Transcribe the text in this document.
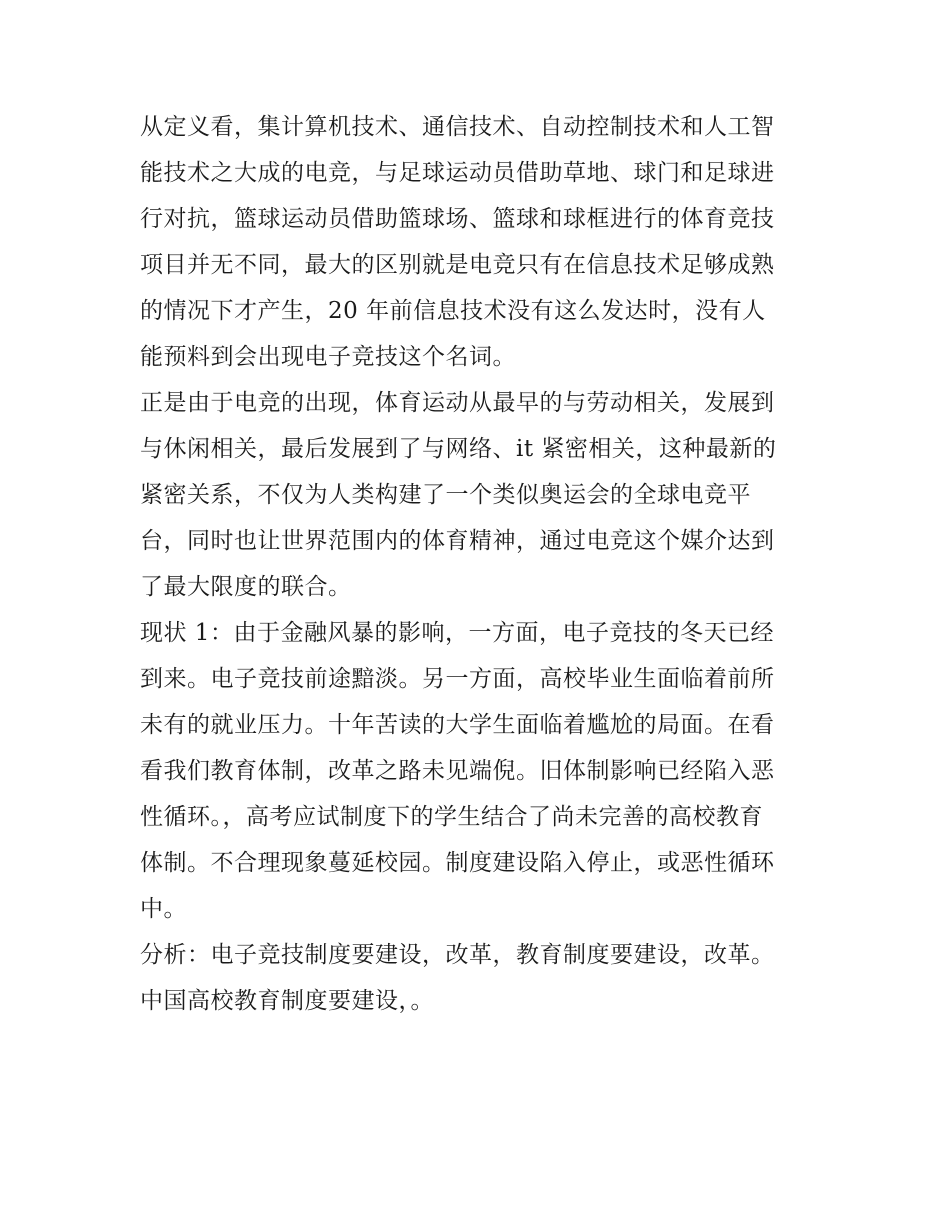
从定义看，集计算机技术、通信技术、自动控制技术和人工智
能技术之大成的电竞，与足球运动员借助草地、球门和足球进
行对抗，篮球运动员借助篮球场、篮球和球框进行的体育竞技
项目并无不同，最大的区别就是电竞只有在信息技术足够成熟
的情况下才产生，20 年前信息技术没有这么发达时，没有人
能预料到会出现电子竞技这个名词。

正是由于电竞的出现，体育运动从最早的与劳动相关，发展到
与休闲相关，最后发展到了与网络、it 紧密相关，这种最新的
紧密关系，不仅为人类构建了一个类似奥运会的全球电竞平
台，同时也让世界范围内的体育精神，通过电竞这个媒介达到
了最大限度的联合。

现状 1：由于金融风暴的影响，一方面，电子竞技的冬天已经
到来。电子竞技前途黯淡。另一方面，高校毕业生面临着前所
未有的就业压力。十年苦读的大学生面临着尴尬的局面。在看
看我们教育体制，改革之路未见端倪。旧体制影响已经陷入恶
性循环。，高考应试制度下的学生结合了尚未完善的高校教育
体制。不合理现象蔓延校园。制度建设陷入停止，或恶性循环
中。

分析：电子竞技制度要建设，改革，教育制度要建设，改革。
中国高校教育制度要建设，。
